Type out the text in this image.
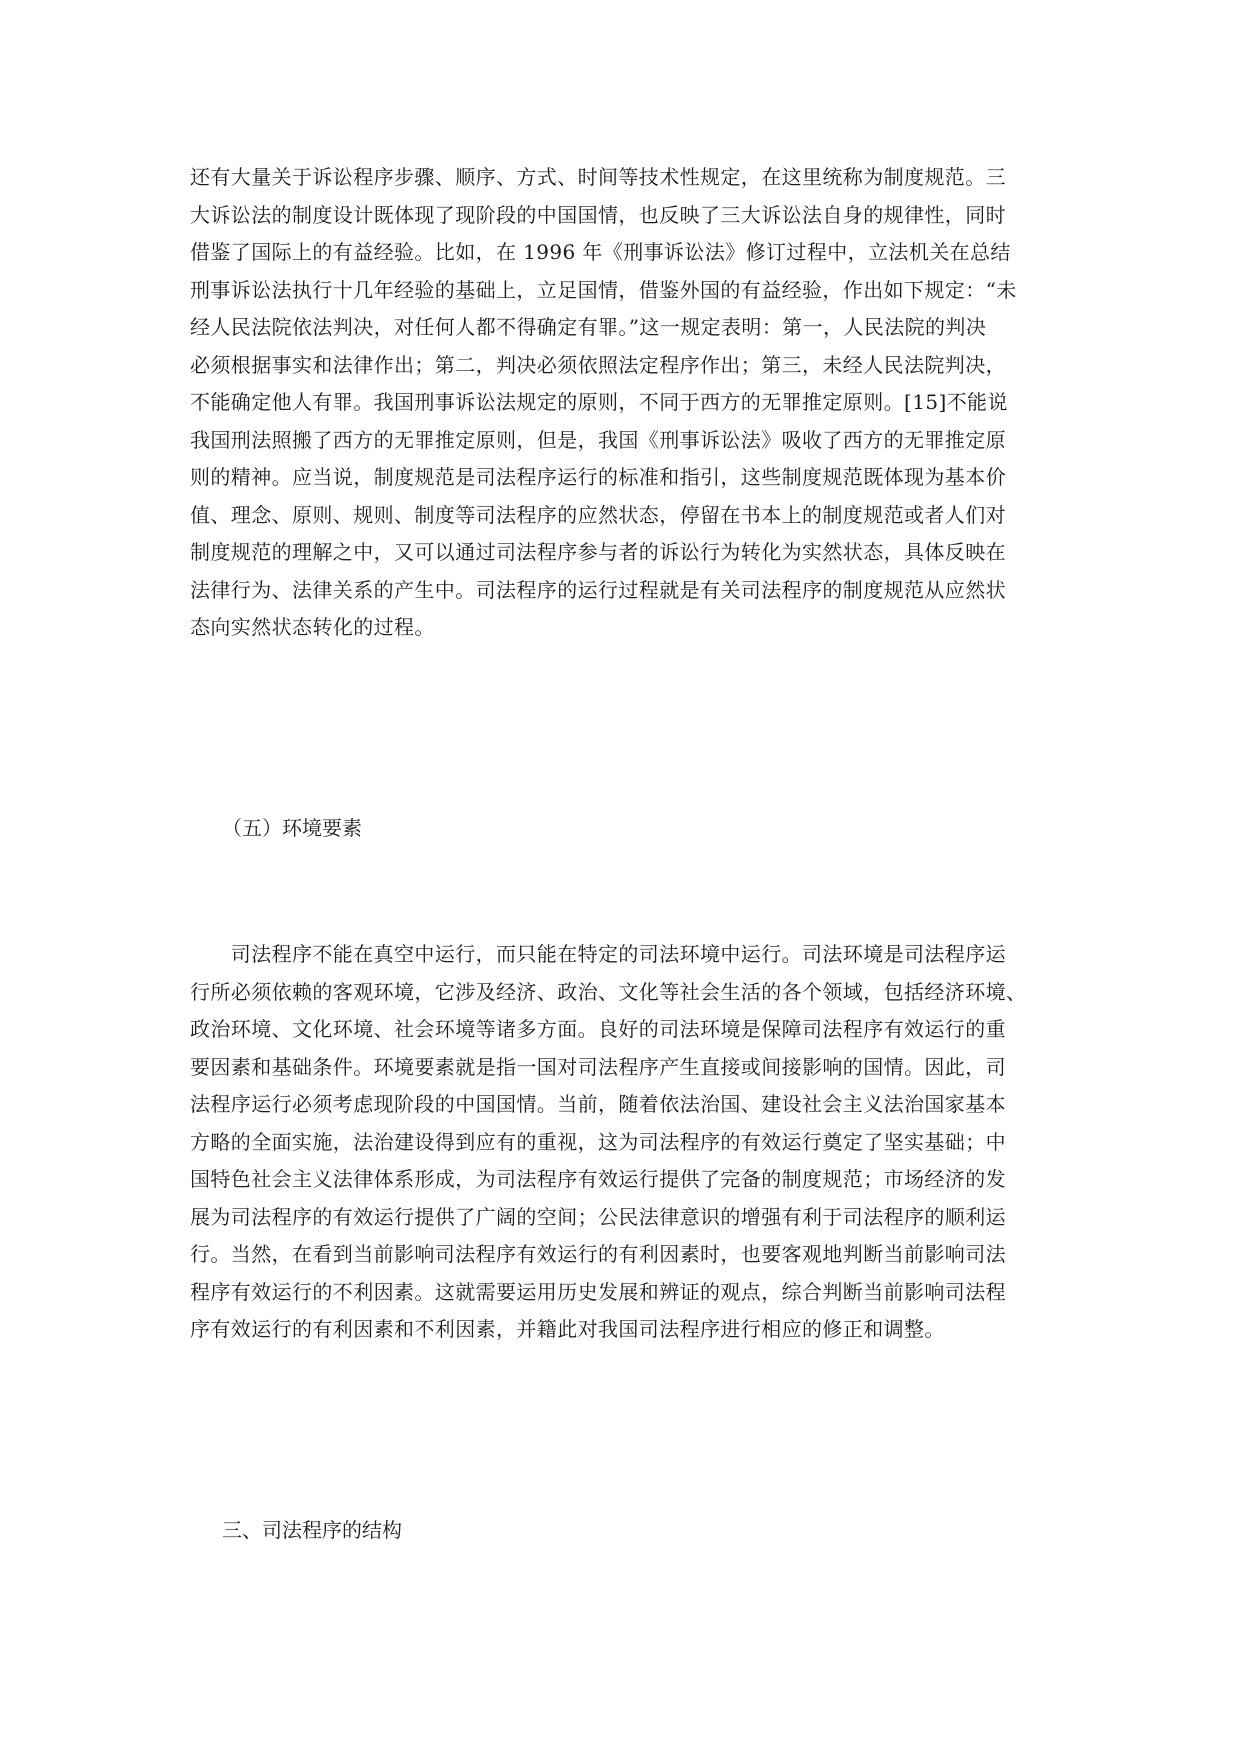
还有大量关于诉讼程序步骤、顺序、方式、时间等技术性规定，在这里统称为制度规范。三
大诉讼法的制度设计既体现了现阶段的中国国情，也反映了三大诉讼法自身的规律性，同时
借鉴了国际上的有益经验。比如，在 1996 年《刑事诉讼法》修订过程中，立法机关在总结
刑事诉讼法执行十几年经验的基础上，立足国情，借鉴外国的有益经验，作出如下规定：“未
经人民法院依法判决，对任何人都不得确定有罪。”这一规定表明：第一，人民法院的判决
必须根据事实和法律作出；第二，判决必须依照法定程序作出；第三，未经人民法院判决，
不能确定他人有罪。我国刑事诉讼法规定的原则，不同于西方的无罪推定原则。[15]不能说
我国刑法照搬了西方的无罪推定原则，但是，我国《刑事诉讼法》吸收了西方的无罪推定原
则的精神。应当说，制度规范是司法程序运行的标准和指引，这些制度规范既体现为基本价
值、理念、原则、规则、制度等司法程序的应然状态，停留在书本上的制度规范或者人们对
制度规范的理解之中，又可以通过司法程序参与者的诉讼行为转化为实然状态，具体反映在
法律行为、法律关系的产生中。司法程序的运行过程就是有关司法程序的制度规范从应然状
态向实然状态转化的过程。
（五）环境要素
　　司法程序不能在真空中运行，而只能在特定的司法环境中运行。司法环境是司法程序运
行所必须依赖的客观环境，它涉及经济、政治、文化等社会生活的各个领域，包括经济环境、
政治环境、文化环境、社会环境等诸多方面。良好的司法环境是保障司法程序有效运行的重
要因素和基础条件。环境要素就是指一国对司法程序产生直接或间接影响的国情。因此，司
法程序运行必须考虑现阶段的中国国情。当前，随着依法治国、建设社会主义法治国家基本
方略的全面实施，法治建设得到应有的重视，这为司法程序的有效运行奠定了坚实基础；中
国特色社会主义法律体系形成，为司法程序有效运行提供了完备的制度规范；市场经济的发
展为司法程序的有效运行提供了广阔的空间；公民法律意识的增强有利于司法程序的顺利运
行。当然，在看到当前影响司法程序有效运行的有利因素时，也要客观地判断当前影响司法
程序有效运行的不利因素。这就需要运用历史发展和辨证的观点，综合判断当前影响司法程
序有效运行的有利因素和不利因素，并籍此对我国司法程序进行相应的修正和调整。
三、司法程序的结构
